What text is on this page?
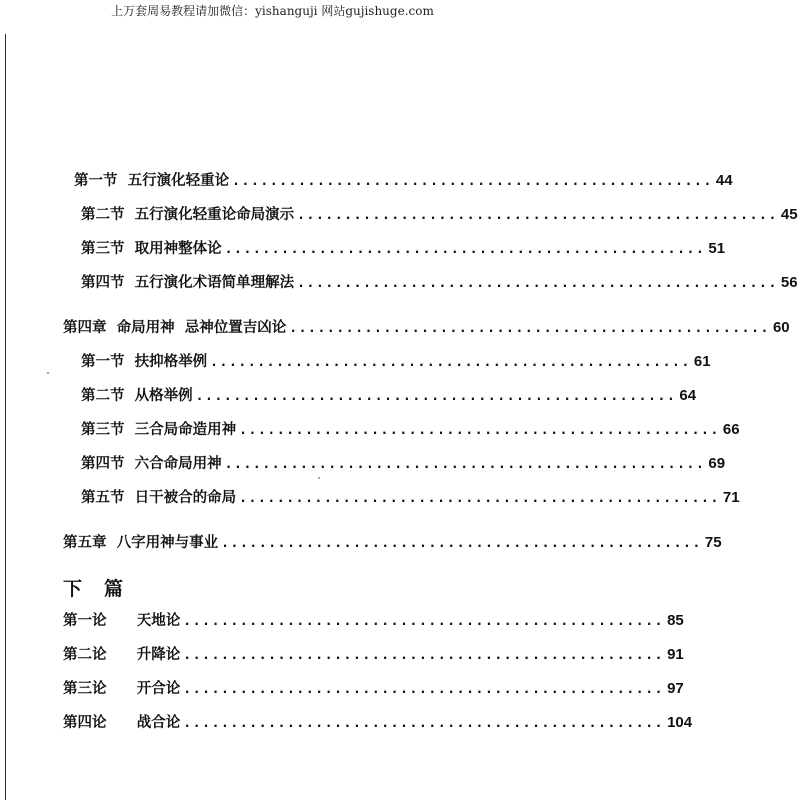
上万套周易教程请加微信：yishanguji 网站gujishuge.com
第一节  五行演化轻重论 ................................................... 44
第二节  五行演化轻重论命局演示 ................................................... 45
第三节  取用神整体论 ................................................... 51
第四节  五行演化术语简单理解法 ................................................... 56
第四章  命局用神  忌神位置吉凶论 ................................................... 60
第一节  扶抑格举例 ................................................... 61
第二节  从格举例 ................................................... 64
第三节  三合局命造用神 ................................................... 66
第四节  六合命局用神 ................................................... 69
第五节  日干被合的命局 ................................................... 71
第五章  八字用神与事业 ................................................... 75
下 篇
第一论      天地论 ................................................... 85
第二论      升降论 ................................................... 91
第三论      开合论 ................................................... 97
第四论      战合论 ................................................... 104
